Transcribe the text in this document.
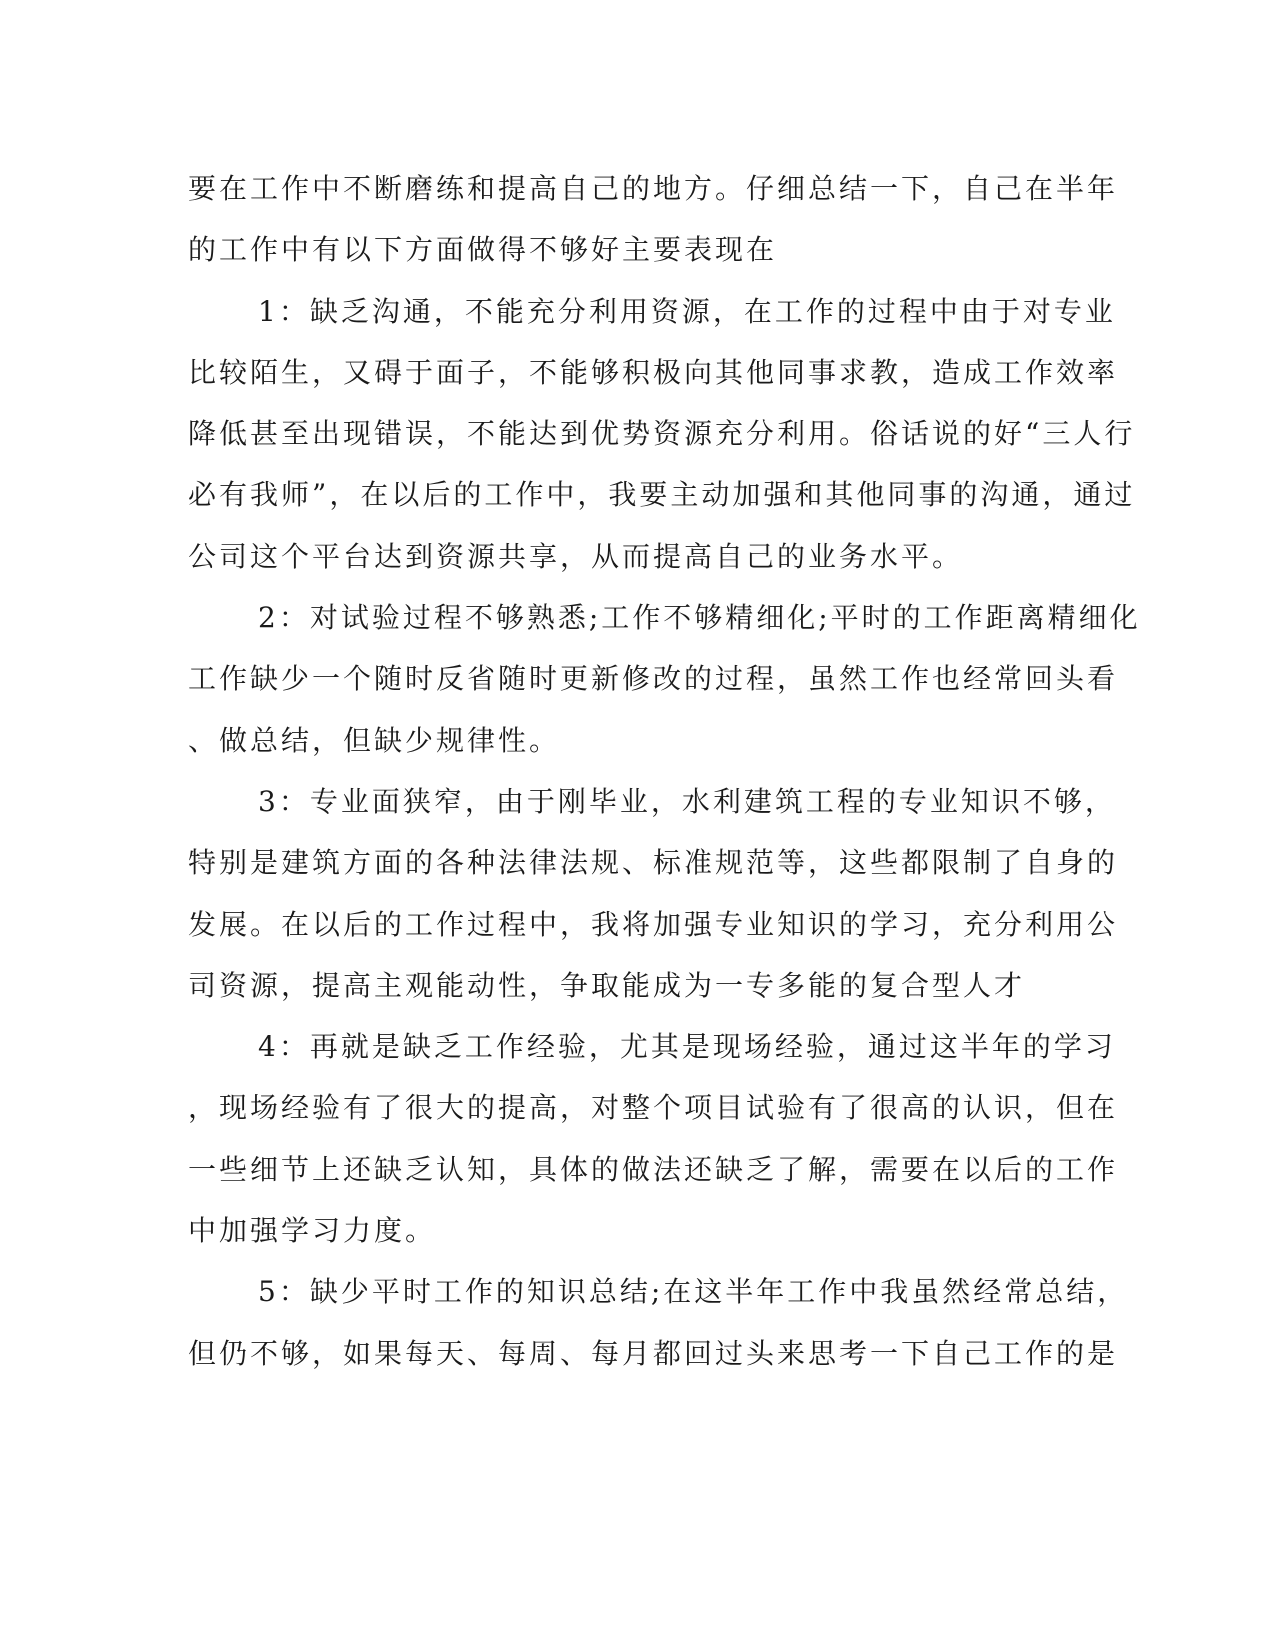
要在工作中不断磨练和提高自己的地方。仔细总结一下，自己在半年
的工作中有以下方面做得不够好主要表现在
1：缺乏沟通，不能充分利用资源，在工作的过程中由于对专业
比较陌生，又碍于面子，不能够积极向其他同事求教，造成工作效率
降低甚至出现错误，不能达到优势资源充分利用。俗话说的好“三人行
必有我师”，在以后的工作中，我要主动加强和其他同事的沟通，通过
公司这个平台达到资源共享，从而提高自己的业务水平。
2：对试验过程不够熟悉;工作不够精细化;平时的工作距离精细化
工作缺少一个随时反省随时更新修改的过程，虽然工作也经常回头看
、做总结，但缺少规律性。
3：专业面狭窄，由于刚毕业，水利建筑工程的专业知识不够，
特别是建筑方面的各种法律法规、标准规范等，这些都限制了自身的
发展。在以后的工作过程中，我将加强专业知识的学习，充分利用公
司资源，提高主观能动性，争取能成为一专多能的复合型人才
4：再就是缺乏工作经验，尤其是现场经验，通过这半年的学习
，现场经验有了很大的提高，对整个项目试验有了很高的认识，但在
一些细节上还缺乏认知，具体的做法还缺乏了解，需要在以后的工作
中加强学习力度。
5：缺少平时工作的知识总结;在这半年工作中我虽然经常总结，
但仍不够，如果每天、每周、每月都回过头来思考一下自己工作的是
